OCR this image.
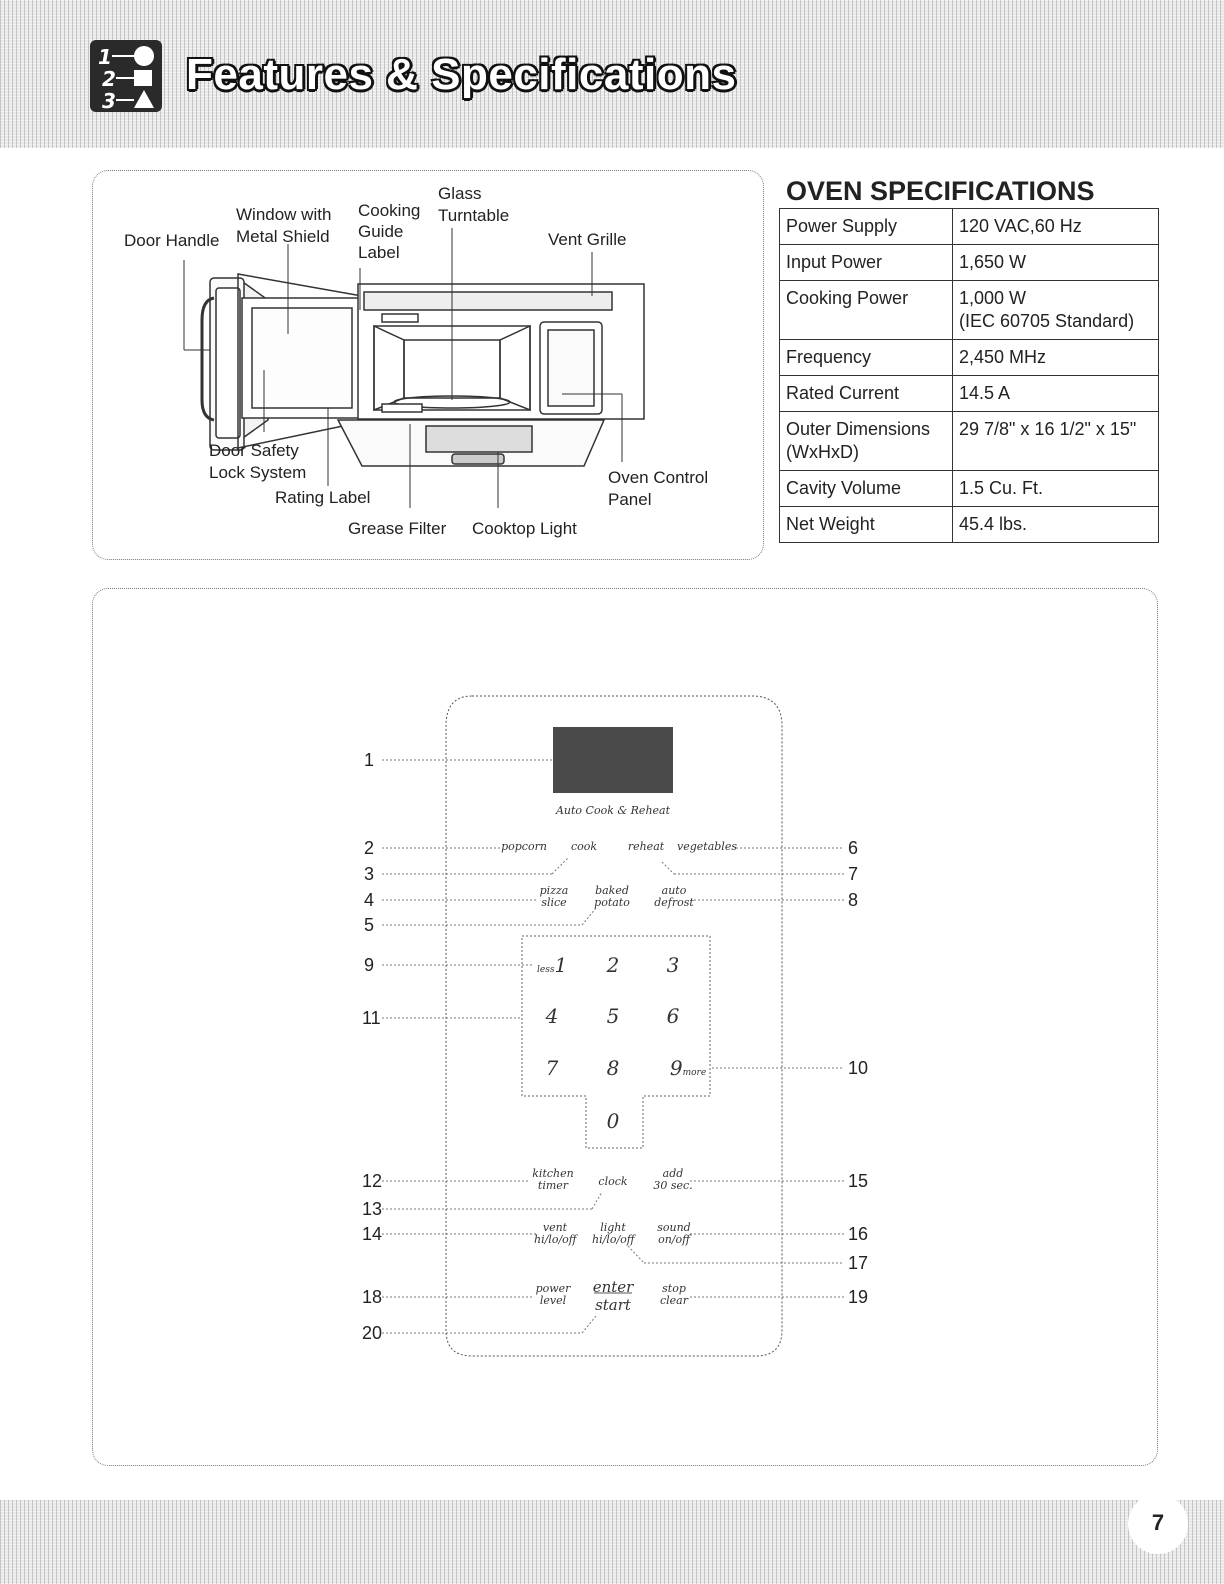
1
2
3
Features & Specifications
Door Handle
Window with
Metal Shield
Cooking
Guide
Label
Glass
Turntable
Vent Grille
Door Safety
Lock System
Rating Label
Grease Filter Cooktop Light
Oven Control
Panel
OVEN SPECIFICATIONS
Power Supply	120 VAC,60 Hz
Input Power	1,650 W
Cooking Power	1,000 W
(IEC 60705 Standard)

Frequency	2,450 MHz
Rated Current	14.5 A

Outer Dimensions
(WxHxD)	29 7/8" x 16 1/2" x 15"
Cavity Volume	1.5 Cu. Ft.
Net Weight	45.4 lbs.
Auto Cook & Reheat
popcorn	cook	reheat	vegetables
pizza
slice
baked
potato
auto
defrost
less1	2	3
4	5	6
7	8	9more
0
kitchen
timer	clock
add
30 sec.
vent
hi/lo/off
light
hi/lo/off
sound
on/off
power
level
enter
start
stop
clear
1
2
3
4
5
6
7
8
9
10
11
12
13
14
15
16
17
18	19
20
7
